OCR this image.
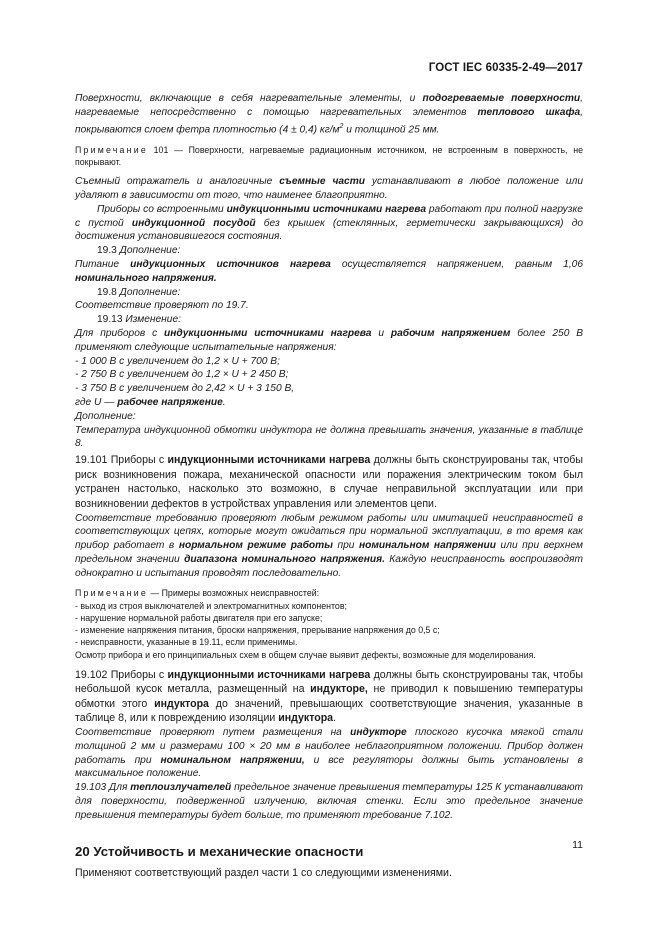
ГОСТ IEC 60335-2-49—2017

Поверхности, включающие в себя нагревательные элементы, и подогреваемые поверхности, нагреваемые непосредственно с помощью нагревательных элементов теплового шкафа, покрываются слоем фетра плотностью (4 ± 0,4) $кг/м^2$ и толщиной 25 мм.

Примечание 101 — Поверхности, нагреваемые радиационным источником, не встроенным в поверхность, не покрывают.

Съемный отражатель и аналогичные съемные части устанавливают в любое положение или удаляют в зависимости от того, что наименее благоприятно.

Приборы со встроенными индукционными источниками нагрева работают при полной нагрузке с пустой индукционной посудой без крышек (стеклянных, герметически закрывающихся) до достижения установившегося состояния.

19.3 Дополнение:

Питание индукционных источников нагрева осуществляется напряжением, равным 1,06 номинального напряжения.

19.8 Дополнение:

Соответствие проверяют по 19.7.

19.13 Изменение:

Для приборов с индукционными источниками нагрева и рабочим напряжением более 250 В применяют следующие испытательные напряжения:

- 1 000 В с увеличением до 1,2 × U + 700 В;

- 2 750 В с увеличением до 1,2 × U + 2 450 В;

- 3 750 В с увеличением до 2,42 × U + 3 150 В,

где U — рабочее напряжение.

Дополнение:

Температура индукционной обмотки индуктора не должна превышать значения, указанные в таблице 8.

19.101 Приборы с индукционными источниками нагрева должны быть сконструированы так, чтобы риск возникновения пожара, механической опасности или поражения электрическим током был устранен настолько, насколько это возможно, в случае неправильной эксплуатации или при возникновении дефектов в устройствах управления или элементов цепи.

Соответствие требованию проверяют любым режимом работы или имитацией неисправностей в соответствующих цепях, которые могут ожидаться при нормальной эксплуатации, в то время как прибор работает в нормальном режиме работы при номинальном напряжении или при верхнем предельном значении диапазона номинального напряжения. Каждую неисправность воспроизводят однократно и испытания проводят последовательно.

Примечание — Примеры возможных неисправностей:

- выход из строя выключателей и электромагнитных компонентов;

- нарушение нормальной работы двигателя при его запуске;

- изменение напряжения питания, броски напряжения, прерывание напряжения до 0,5 с;

- неисправности, указанные в 19.11, если применимы.

Осмотр прибора и его принципиальных схем в общем случае выявит дефекты, возможные для моделирования.

19.102 Приборы с индукционными источниками нагрева должны быть сконструированы так, чтобы небольшой кусок металла, размещенный на индукторе, не приводил к повышению температуры обмотки этого индуктора до значений, превышающих соответствующие значения, указанные в таблице 8, или к повреждению изоляции индуктора.

Соответствие проверяют путем размещения на индукторе плоского кусочка мягкой стали толщиной 2 мм и размерами 100 × 20 мм в наиболее неблагоприятном положении. Прибор должен работать при номинальном напряжении, и все регуляторы должны быть установлены в максимальное положение.

19.103 Для теплоизлучателей предельное значение превышения температуры 125 К устанавливают для поверхности, подверженной излучению, включая стенки. Если это предельное значение превышения температуры будет больше, то применяют требование 7.102.

20 Устойчивость и механические опасности

Применяют соответствующий раздел части 1 со следующими изменениями.

11
